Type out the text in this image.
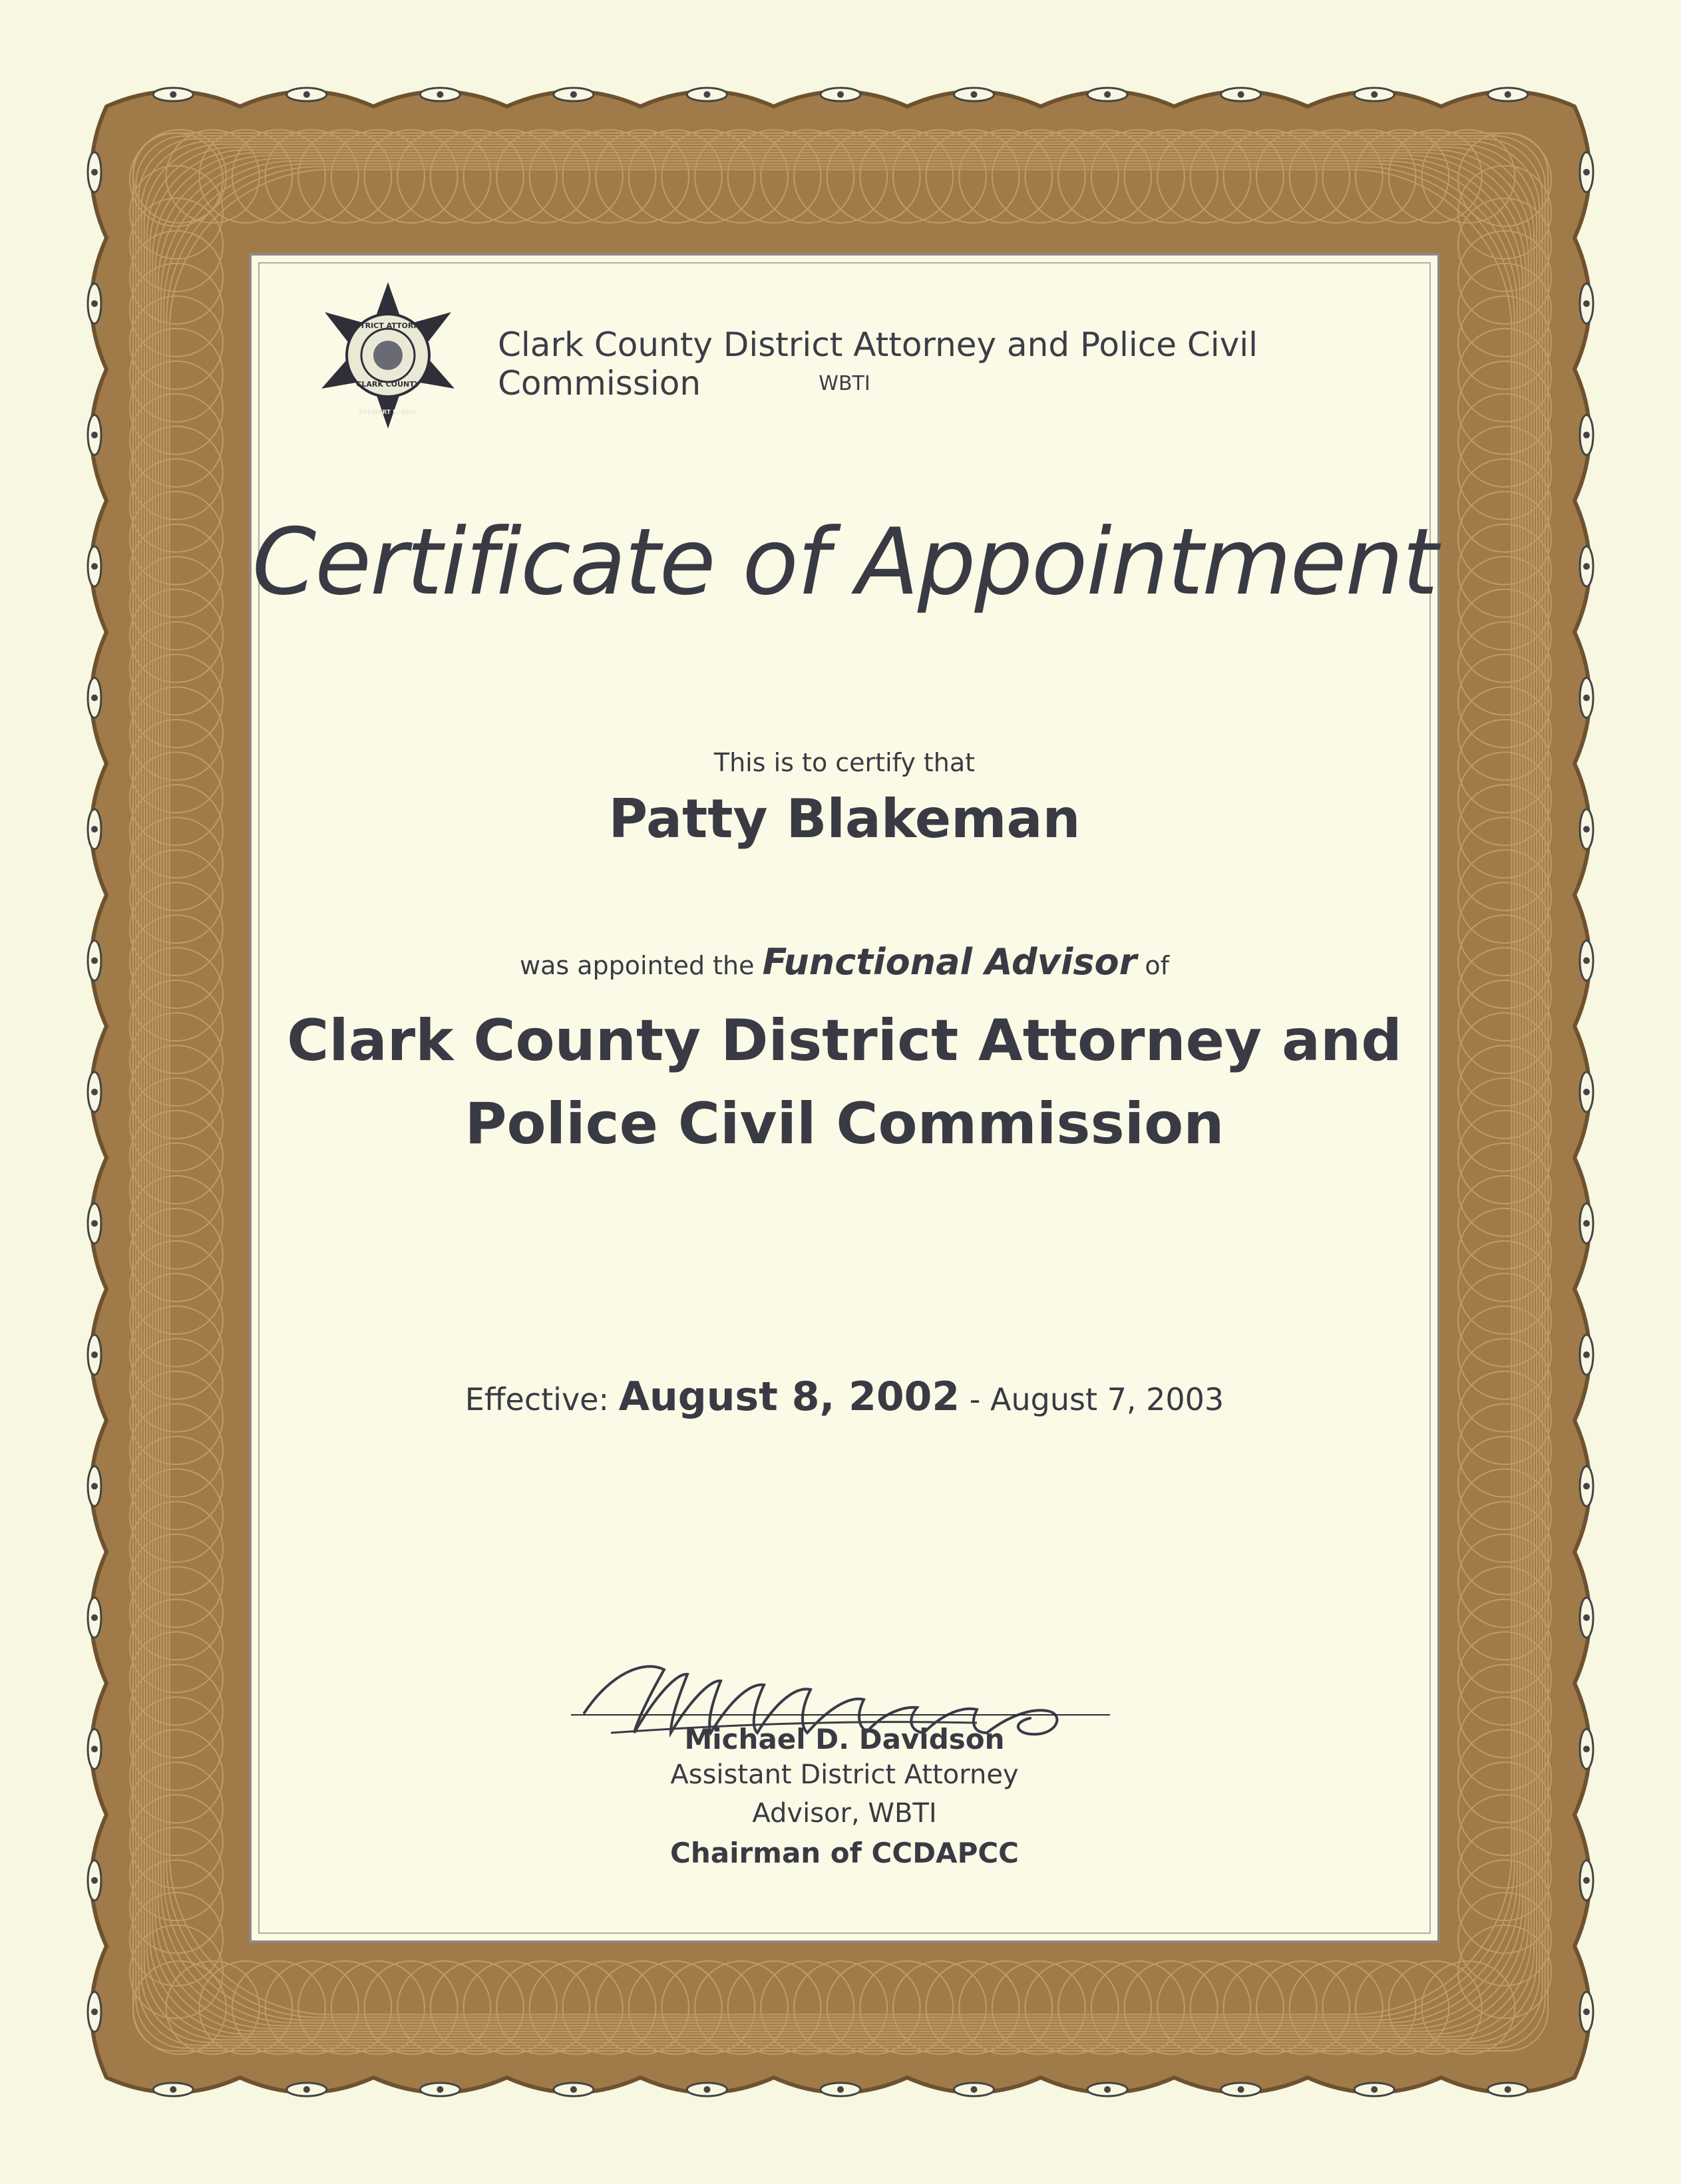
DISTRICT ATTORNEY
CLARK COUNTY
STEWART L. BELL
Clark County District Attorney and Police Civil Commission	WBTI
Certificate of Appointment
This is to certify that
Patty Blakeman
was appointed the Functional Advisor of
Clark County District Attorney and
Police Civil Commission
Effective: August 8, 2002 - August 7, 2003
Michael D. Davidson
Assistant District Attorney
Advisor, WBTI
Chairman of CCDAPCC
